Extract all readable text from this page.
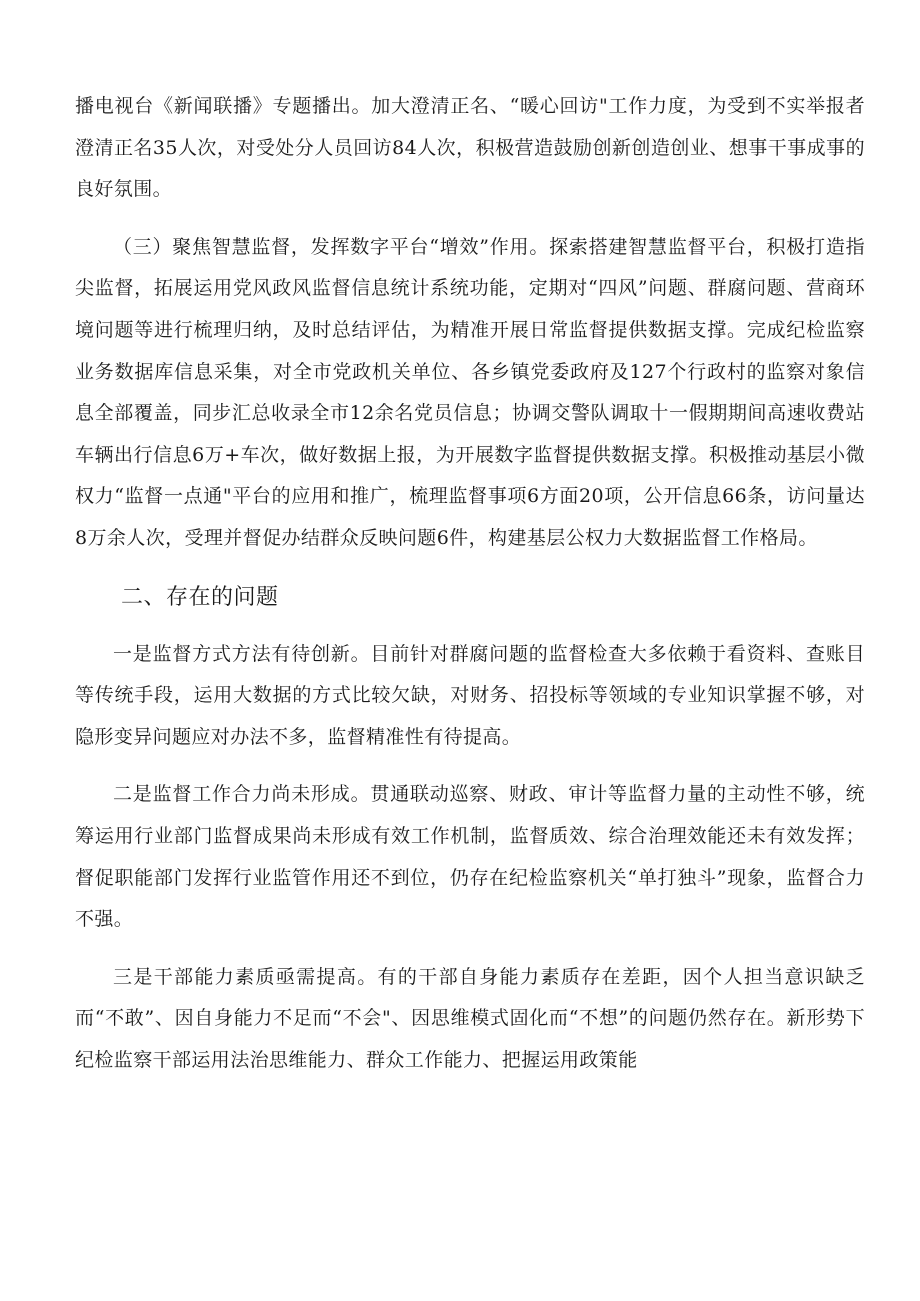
播电视台《新闻联播》专题播出。加大澄清正名、“暖心回访"工作力度，为受到不实举报者澄清正名35人次，对受处分人员回访84人次，积极营造鼓励创新创造创业、想事干事成事的良好氛围。

（三）聚焦智慧监督，发挥数字平台“增效”作用。探索搭建智慧监督平台，积极打造指尖监督，拓展运用党风政风监督信息统计系统功能，定期对“四风”问题、群腐问题、营商环境问题等进行梳理归纳，及时总结评估，为精准开展日常监督提供数据支撑。完成纪检监察业务数据库信息采集，对全市党政机关单位、各乡镇党委政府及127个行政村的监察对象信息全部覆盖，同步汇总收录全市12余名党员信息；协调交警队调取十一假期期间高速收费站车辆出行信息6万+车次，做好数据上报，为开展数字监督提供数据支撑。积极推动基层小微权力“监督一点通"平台的应用和推广，梳理监督事项6方面20项，公开信息66条，访问量达8万余人次，受理并督促办结群众反映问题6件，构建基层公权力大数据监督工作格局。

二、存在的问题

一是监督方式方法有待创新。目前针对群腐问题的监督检查大多依赖于看资料、查账目等传统手段，运用大数据的方式比较欠缺，对财务、招投标等领域的专业知识掌握不够，对隐形变异问题应对办法不多，监督精准性有待提高。

二是监督工作合力尚未形成。贯通联动巡察、财政、审计等监督力量的主动性不够，统筹运用行业部门监督成果尚未形成有效工作机制，监督质效、综合治理效能还未有效发挥；督促职能部门发挥行业监管作用还不到位，仍存在纪检监察机关“单打独斗”现象，监督合力不强。

三是干部能力素质亟需提高。有的干部自身能力素质存在差距，因个人担当意识缺乏而“不敢”、因自身能力不足而“不会"、因思维模式固化而“不想”的问题仍然存在。新形势下纪检监察干部运用法治思维能力、群众工作能力、把握运用政策能
